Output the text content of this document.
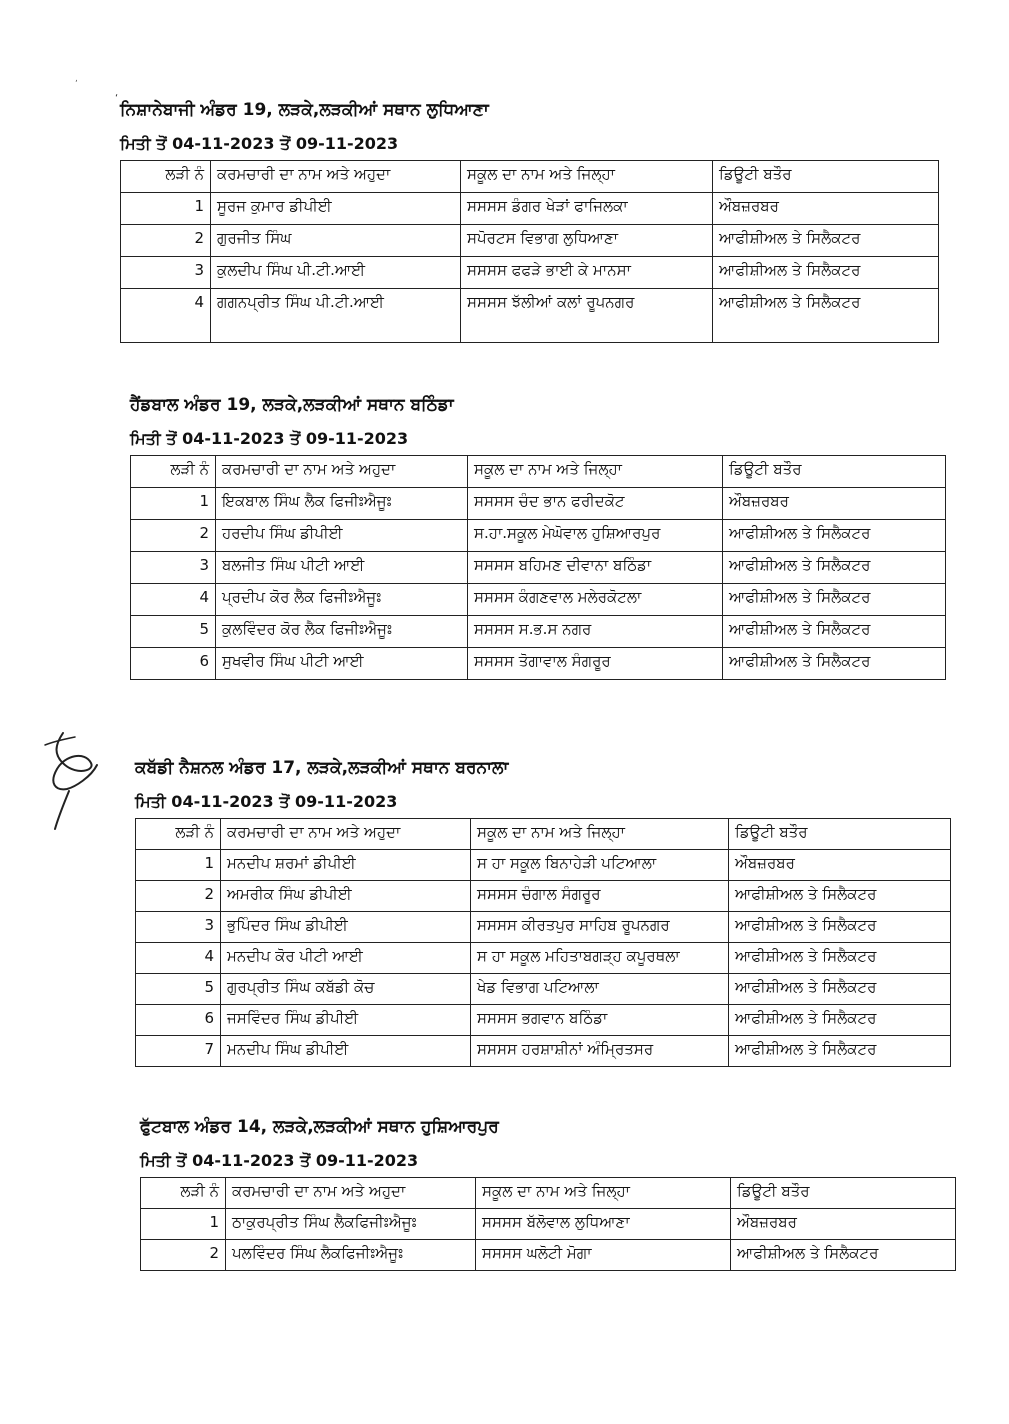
,
‘
ਨਿਸ਼ਾਨੇਬਾਜੀ ਅੰਡਰ 19, ਲੜਕੇ,ਲੜਕੀਆਂ ਸਥਾਨ ਲੁਧਿਆਣਾ
ਮਿਤੀ ਤੋਂ 04-11-2023 ਤੋਂ 09-11-2023
ਲੜੀ ਨੰ	ਕਰਮਚਾਰੀ ਦਾ ਨਾਮ ਅਤੇ ਅਹੁਦਾ	ਸਕੂਲ ਦਾ ਨਾਮ ਅਤੇ ਜਿਲ੍ਹਾ	ਡਿਊਟੀ ਬਤੌਰ
1	ਸੂਰਜ ਕੁਮਾਰ ਡੀਪੀਈ	ਸਸਸਸ ਡੰਗਰ ਖੇੜਾਂ ਫਾਜਿਲਕਾ	ਔਬਜ਼ਰਬਰ
2	ਗੁਰਜੀਤ ਸਿੰਘ	ਸਪੋਰਟਸ ਵਿਭਾਗ ਲੁਧਿਆਣਾ	ਆਫੀਸ਼ੀਅਲ ਤੇ ਸਿਲੈਕਟਰ
3	ਕੁਲਦੀਪ ਸਿੰਘ ਪੀ.ਟੀ.ਆਈ	ਸਸਸਸ ਫਫੜੇ ਭਾਈ ਕੇ ਮਾਨਸਾ	ਆਫੀਸ਼ੀਅਲ ਤੇ ਸਿਲੈਕਟਰ
4	ਗਗਨਪ੍ਰੀਤ ਸਿੰਘ ਪੀ.ਟੀ.ਆਈ	ਸਸਸਸ ਝੱਲੀਆਂ ਕਲਾਂ ਰੂਪਨਗਰ	ਆਫੀਸ਼ੀਅਲ ਤੇ ਸਿਲੈਕਟਰ
ਹੈਂਡਬਾਲ ਅੰਡਰ 19, ਲੜਕੇ,ਲੜਕੀਆਂ ਸਥਾਨ ਬਠਿੰਡਾ
ਮਿਤੀ ਤੋਂ 04-11-2023 ਤੋਂ 09-11-2023
ਲੜੀ ਨੰ	ਕਰਮਚਾਰੀ ਦਾ ਨਾਮ ਅਤੇ ਅਹੁਦਾ	ਸਕੂਲ ਦਾ ਨਾਮ ਅਤੇ ਜਿਲ੍ਹਾ	ਡਿਊਟੀ ਬਤੌਰ
1	ਇਕਬਾਲ ਸਿੰਘ ਲੈਕ ਫਿਜੀਃਐਜੂਃ	ਸਸਸਸ ਚੰਦ ਭਾਨ ਫਰੀਦਕੋਟ	ਔਬਜ਼ਰਬਰ
2	ਹਰਦੀਪ ਸਿੰਘ ਡੀਪੀਈ	ਸ.ਹਾ.ਸਕੂਲ ਮੇਘੋਵਾਲ ਹੁਸ਼ਿਆਰਪੁਰ	ਆਫੀਸ਼ੀਅਲ ਤੇ ਸਿਲੈਕਟਰ
3	ਬਲਜੀਤ ਸਿੰਘ ਪੀਟੀ ਆਈ	ਸਸਸਸ ਬਹਿਮਣ ਦੀਵਾਨਾ ਬਠਿੰਡਾ	ਆਫੀਸ਼ੀਅਲ ਤੇ ਸਿਲੈਕਟਰ
4	ਪ੍ਰਦੀਪ ਕੋਰ ਲੈਕ ਫਿਜੀਃਐਜੂਃ	ਸਸਸਸ ਕੰਗਣਵਾਲ ਮਲੇਰਕੋਟਲਾ	ਆਫੀਸ਼ੀਅਲ ਤੇ ਸਿਲੈਕਟਰ
5	ਕੁਲਵਿੰਦਰ ਕੋਰ ਲੈਕ ਫਿਜੀਃਐਜੂਃ	ਸਸਸਸ ਸ.ਭ.ਸ ਨਗਰ	ਆਫੀਸ਼ੀਅਲ ਤੇ ਸਿਲੈਕਟਰ
6	ਸੁਖਵੀਰ ਸਿੰਘ ਪੀਟੀ ਆਈ	ਸਸਸਸ ਤੋਗਾਵਾਲ ਸੰਗਰੂਰ	ਆਫੀਸ਼ੀਅਲ ਤੇ ਸਿਲੈਕਟਰ
ਕਬੱਡੀ ਨੈਸ਼ਨਲ ਅੰਡਰ 17, ਲੜਕੇ,ਲੜਕੀਆਂ ਸਥਾਨ ਬਰਨਾਲਾ
ਮਿਤੀ 04-11-2023 ਤੋਂ 09-11-2023
ਲੜੀ ਨੰ	ਕਰਮਚਾਰੀ ਦਾ ਨਾਮ ਅਤੇ ਅਹੁਦਾ	ਸਕੂਲ ਦਾ ਨਾਮ ਅਤੇ ਜਿਲ੍ਹਾ	ਡਿਊਟੀ ਬਤੌਰ
1	ਮਨਦੀਪ ਸ਼ਰਮਾਂ ਡੀਪੀਈ	ਸ ਹਾ ਸਕੂਲ ਬਿਨਾਹੇੜੀ ਪਟਿਆਲਾ	ਔਬਜ਼ਰਬਰ
2	ਅਮਰੀਕ ਸਿੰਘ ਡੀਪੀਈ	ਸਸਸਸ ਚੰਗਾਲ ਸੰਗਰੂਰ	ਆਫੀਸ਼ੀਅਲ ਤੇ ਸਿਲੈਕਟਰ
3	ਭੁਪਿੰਦਰ ਸਿੰਘ ਡੀਪੀਈ	ਸਸਸਸ ਕੀਰਤਪੁਰ ਸਾਹਿਬ ਰੂਪਨਗਰ	ਆਫੀਸ਼ੀਅਲ ਤੇ ਸਿਲੈਕਟਰ
4	ਮਨਦੀਪ ਕੋਰ ਪੀਟੀ ਆਈ	ਸ ਹਾ ਸਕੂਲ ਮਹਿਤਾਬਗੜ੍ਹ ਕਪੂਰਥਲਾ	ਆਫੀਸ਼ੀਅਲ ਤੇ ਸਿਲੈਕਟਰ
5	ਗੁਰਪ੍ਰੀਤ ਸਿੰਘ ਕਬੱਡੀ ਕੋਚ	ਖੇਡ ਵਿਭਾਗ ਪਟਿਆਲਾ	ਆਫੀਸ਼ੀਅਲ ਤੇ ਸਿਲੈਕਟਰ
6	ਜਸਵਿੰਦਰ ਸਿੰਘ ਡੀਪੀਈ	ਸਸਸਸ ਭਗਵਾਨ ਬਠਿੰਡਾ	ਆਫੀਸ਼ੀਅਲ ਤੇ ਸਿਲੈਕਟਰ
7	ਮਨਦੀਪ ਸਿੰਘ ਡੀਪੀਈ	ਸਸਸਸ ਹਰਸ਼ਾਸ਼ੀਨਾਂ ਅੰਮ੍ਰਿਤਸਰ	ਆਫੀਸ਼ੀਅਲ ਤੇ ਸਿਲੈਕਟਰ
ਫੁੱਟਬਾਲ ਅੰਡਰ 14, ਲੜਕੇ,ਲੜਕੀਆਂ ਸਥਾਨ ਹੁਸ਼ਿਆਰਪੁਰ
ਮਿਤੀ ਤੋਂ 04-11-2023 ਤੋਂ 09-11-2023
ਲੜੀ ਨੰ	ਕਰਮਚਾਰੀ ਦਾ ਨਾਮ ਅਤੇ ਅਹੁਦਾ	ਸਕੂਲ ਦਾ ਨਾਮ ਅਤੇ ਜਿਲ੍ਹਾ	ਡਿਊਟੀ ਬਤੌਰ
1	ਠਾਕੁਰਪ੍ਰੀਤ ਸਿੰਘ ਲੈਕਫਿਜੀਃਐਜੂਃ	ਸਸਸਸ ਬੱਲੋਵਾਲ ਲੁਧਿਆਣਾ	ਔਬਜ਼ਰਬਰ
2	ਪਲਵਿੰਦਰ ਸਿੰਘ ਲੈਕਫਿਜੀਃਐਜੂਃ	ਸਸਸਸ ਘਲੋਟੀ ਮੋਗਾ	ਆਫੀਸ਼ੀਅਲ ਤੇ ਸਿਲੈਕਟਰ
